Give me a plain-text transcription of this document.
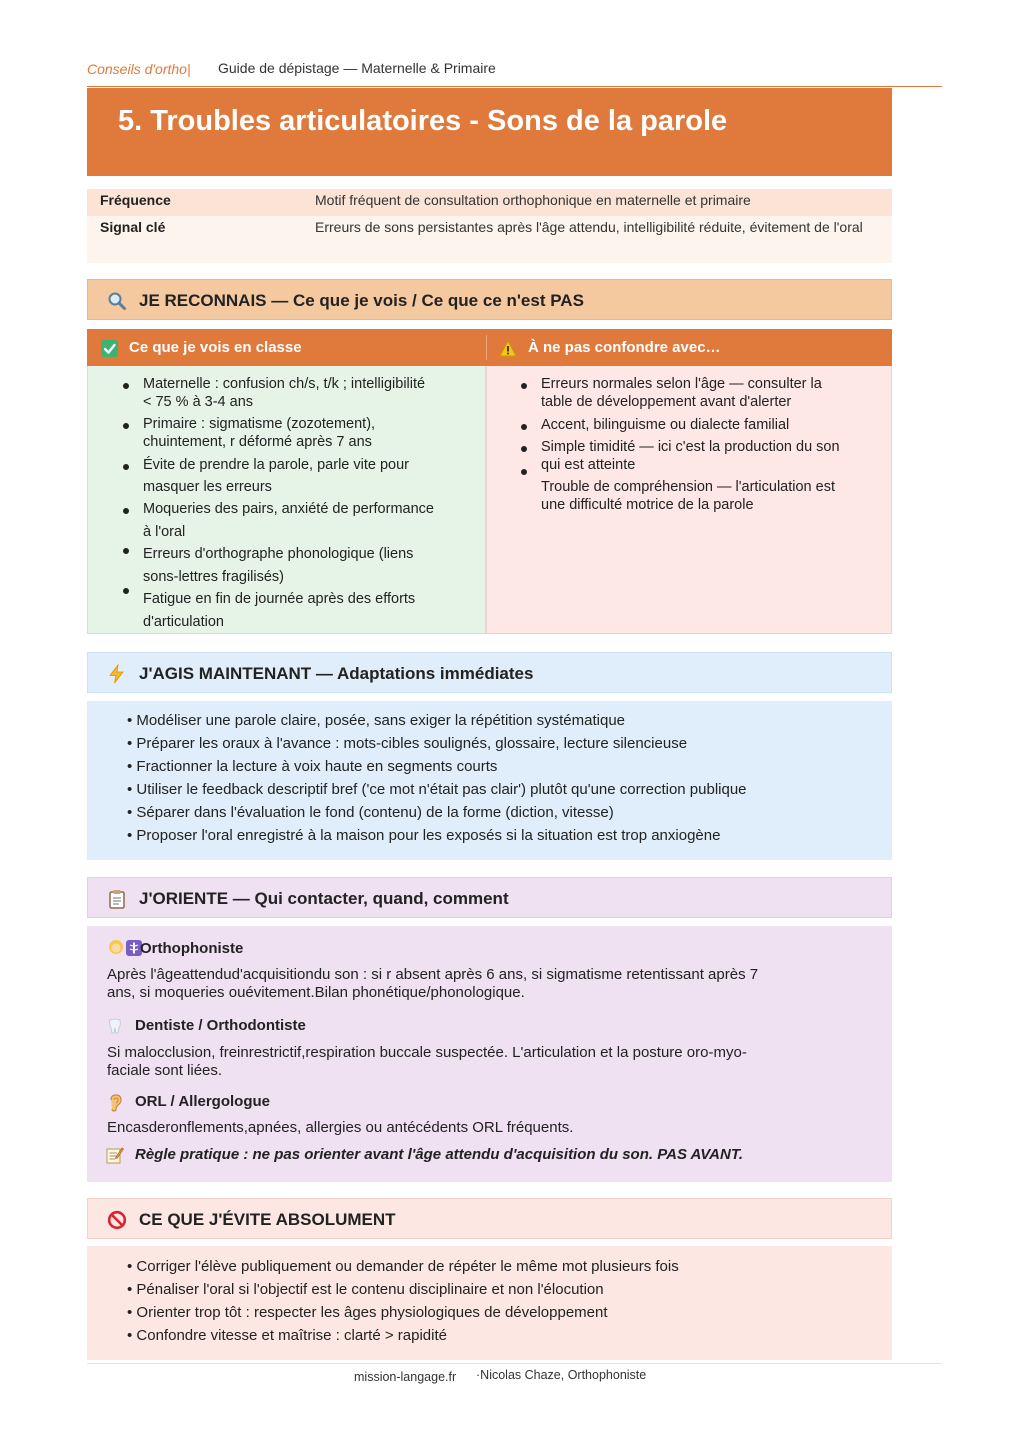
Conseils d'ortho| Guide de dépistage — Maternelle & Primaire
5. Troubles articulatoires - Sons de la parole
Fréquence	Motif fréquent de consultation orthophonique en maternelle et primaire
Signal clé	Erreurs de sons persistantes après l'âge attendu, intelligibilité réduite, évitement de l'oral
JE RECONNAIS — Ce que je vois / Ce que ce n'est PAS
Ce que je vois en classe	À ne pas confondre avec…
Maternelle : confusion ch/s, t/k ; intelligibilité
< 75 % à 3-4 ans
Primaire : sigmatisme (zozotement),
chuintement, r déformé après 7 ans
Évite de prendre la parole, parle vite pour
masquer les erreurs
Moqueries des pairs, anxiété de performance
à l'oral
Erreurs d'orthographe phonologique (liens
sons-lettres fragilisés)
Fatigue en fin de journée après des efforts
d'articulation
Erreurs normales selon l'âge — consulter la
table de développement avant d'alerter
Accent, bilinguisme ou dialecte familial
Simple timidité — ici c'est la production du son
qui est atteinte
Trouble de compréhension — l'articulation est
une difficulté motrice de la parole
J'AGIS MAINTENANT — Adaptations immédiates
• Modéliser une parole claire, posée, sans exiger la répétition systématique
• Préparer les oraux à l'avance : mots-cibles soulignés, glossaire, lecture silencieuse
• Fractionner la lecture à voix haute en segments courts
• Utiliser le feedback descriptif bref ('ce mot n'était pas clair') plutôt qu'une correction publique
• Séparer dans l'évaluation le fond (contenu) de la forme (diction, vitesse)
• Proposer l'oral enregistré à la maison pour les exposés si la situation est trop anxiogène
J'ORIENTE — Qui contacter, quand, comment
Orthophoniste
Après l'âgeattendud'acquisitiondu son : si r absent après 6 ans, si sigmatisme retentissant après 7
ans, si moqueries ouévitement.Bilan phonétique/phonologique.
Dentiste / Orthodontiste
Si malocclusion, freinrestrictif,respiration buccale suspectée. L'articulation et la posture oro-myo-
faciale sont liées.
ORL / Allergologue
Encasderonflements,apnées, allergies ou antécédents ORL fréquents.
Règle pratique : ne pas orienter avant l'âge attendu d'acquisition du son. PAS AVANT.
CE QUE J'ÉVITE ABSOLUMENT
• Corriger l'élève publiquement ou demander de répéter le même mot plusieurs fois
• Pénaliser l'oral si l'objectif est le contenu disciplinaire et non l'élocution
• Orienter trop tôt : respecter les âges physiologiques de développement
• Confondre vitesse et maîtrise : clarté > rapidité
mission-langage.fr ·Nicolas Chaze, Orthophoniste
